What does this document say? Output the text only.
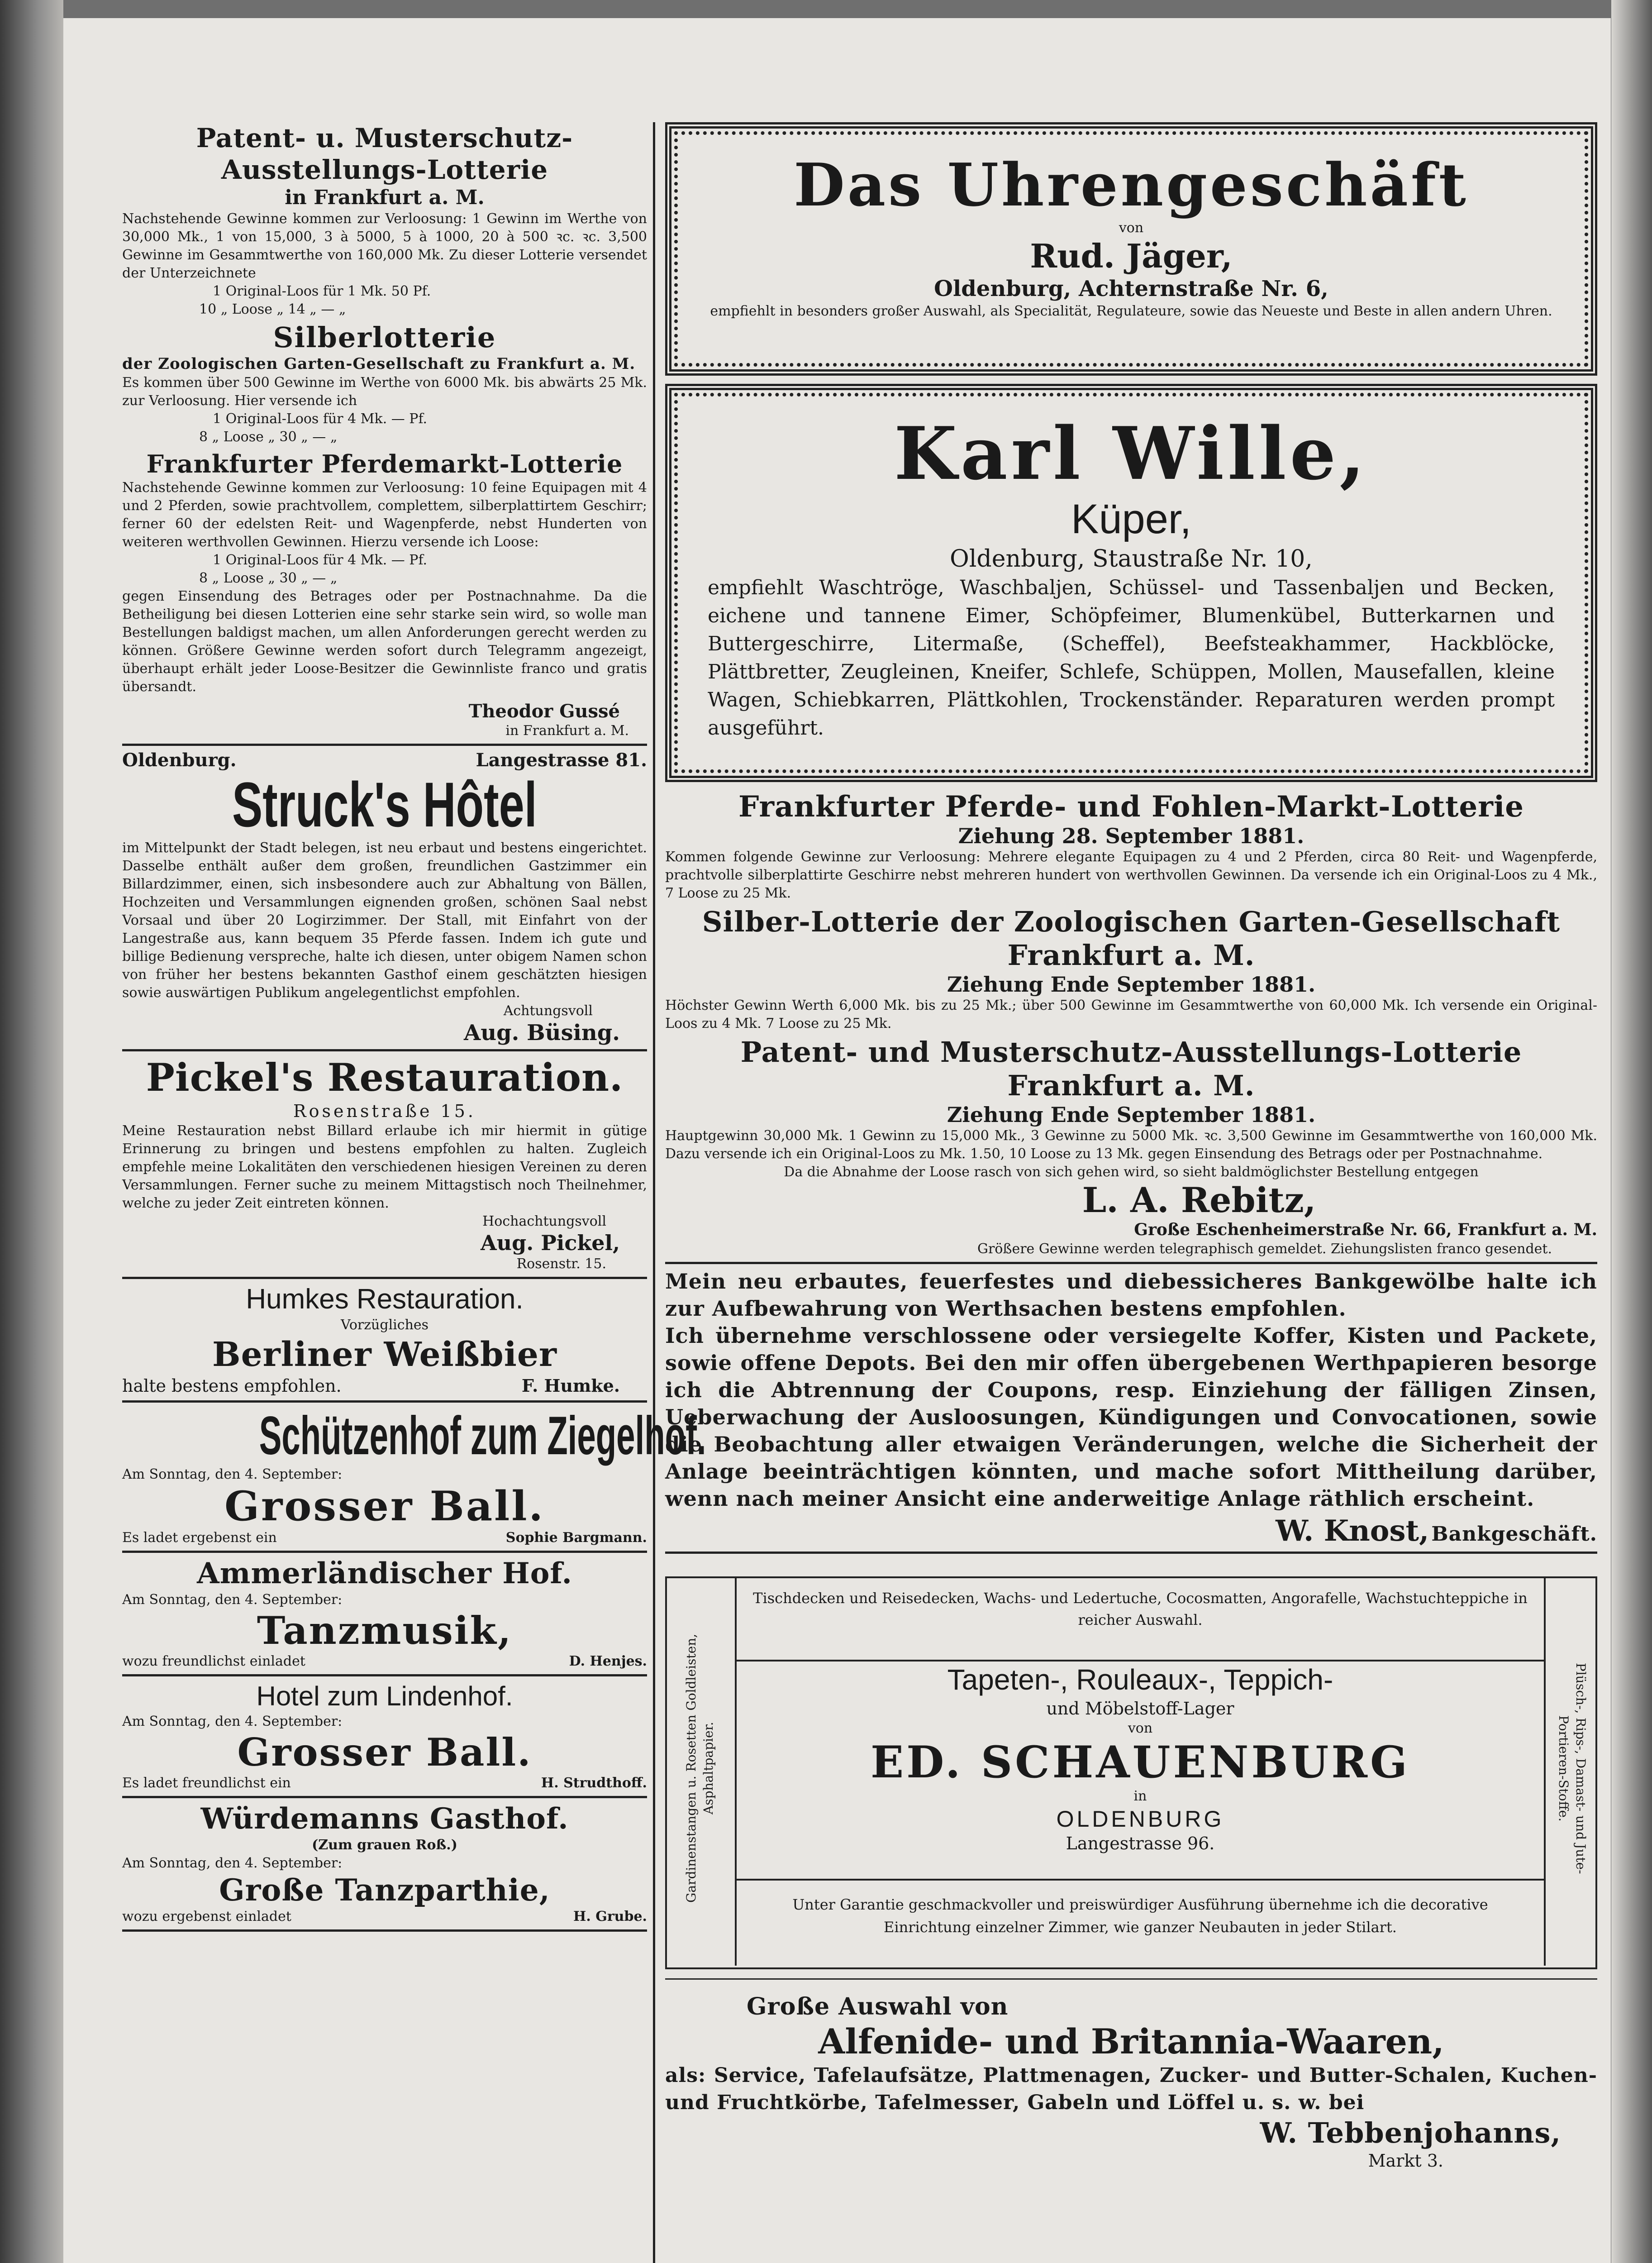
Patent- u. Musterschutz-Ausstellungs-Lotterie

in Frankfurt a. M.

Nachstehende Gewinne kommen zur Verloosung: 1 Gewinn im Werthe von 30,000 Mk., 1 von 15,000, 3 à 5000, 5 à 1000, 20 à 500 ꝛc. ꝛc. 3,500 Gewinne im Gesammtwerthe von 160,000 Mk. Zu dieser Lotterie versendet der Unterzeichnete

1 Original-Loos für 1 Mk. 50 Pf.

10 „ Loose „ 14 „ — „

Silberlotterie

der Zoologischen Garten-Gesellschaft zu Frankfurt a. M.

Es kommen über 500 Gewinne im Werthe von 6000 Mk. bis abwärts 25 Mk. zur Verloosung. Hier versende ich

1 Original-Loos für 4 Mk. — Pf.

8 „ Loose „ 30 „ — „

Frankfurter Pferdemarkt-Lotterie

Nachstehende Gewinne kommen zur Verloosung: 10 feine Equipagen mit 4 und 2 Pferden, sowie prachtvollem, complettem, silberplattirtem Geschirr; ferner 60 der edelsten Reit- und Wagenpferde, nebst Hunderten von weiteren werthvollen Gewinnen. Hierzu versende ich Loose:

1 Original-Loos für 4 Mk. — Pf.

8 „ Loose „ 30 „ — „

gegen Einsendung des Betrages oder per Postnachnahme. Da die Betheiligung bei diesen Lotterien eine sehr starke sein wird, so wolle man Bestellungen baldigst machen, um allen Anforderungen gerecht werden zu können. Größere Gewinne werden sofort durch Telegramm angezeigt, überhaupt erhält jeder Loose-Besitzer die Gewinnliste franco und gratis übersandt.

Theodor Gussé

in Frankfurt a. M.

Oldenburg.	Langestrasse 81.

Struck's Hôtel

im Mittelpunkt der Stadt belegen, ist neu erbaut und bestens eingerichtet. Dasselbe enthält außer dem großen, freundlichen Gastzimmer ein Billardzimmer, einen, sich insbesondere auch zur Abhaltung von Bällen, Hochzeiten und Versammlungen eignenden großen, schönen Saal nebst Vorsaal und über 20 Logirzimmer. Der Stall, mit Einfahrt von der Langestraße aus, kann bequem 35 Pferde fassen. Indem ich gute und billige Bedienung verspreche, halte ich diesen, unter obigem Namen schon von früher her bestens bekannten Gasthof einem geschätzten hiesigen sowie auswärtigen Publikum angelegentlichst empfohlen.

Achtungsvoll

Aug. Büsing.

Pickel's Restauration.

Rosenstraße 15.

Meine Restauration nebst Billard erlaube ich mir hiermit in gütige Erinnerung zu bringen und bestens empfohlen zu halten. Zugleich empfehle meine Lokalitäten den verschiedenen hiesigen Vereinen zu deren Versammlungen. Ferner suche zu meinem Mittagstisch noch Theilnehmer, welche zu jeder Zeit eintreten können.

Hochachtungsvoll

Aug. Pickel,

Rosenstr. 15.

Humkes Restauration.

Vorzügliches

Berliner Weißbier

halte bestens empfohlen.	F. Humke.

Schützenhof zum Ziegelhof.

Am Sonntag, den 4. September:

Grosser Ball.

Es ladet ergebenst ein	Sophie Bargmann.

Ammerländischer Hof.

Am Sonntag, den 4. September:

Tanzmusik,

wozu freundlichst einladet	D. Henjes.

Hotel zum Lindenhof.

Am Sonntag, den 4. September:

Grosser Ball.

Es ladet freundlichst ein	H. Strudthoff.

Würdemanns Gasthof.

(Zum grauen Roß.)

Am Sonntag, den 4. September:

Große Tanzparthie,

wozu ergebenst einladet	H. Grube.

Das Uhrengeschäft

von

Rud. Jäger,

Oldenburg, Achternstraße Nr. 6,

empfiehlt in besonders großer Auswahl, als Specialität, Regulateure, sowie das Neueste und Beste in allen andern Uhren.

Karl Wille,

Küper,

Oldenburg, Staustraße Nr. 10,

empfiehlt Waschtröge, Waschbaljen, Schüssel- und Tassenbaljen und Becken, eichene und tannene Eimer, Schöpfeimer, Blumenkübel, Butterkarnen und Buttergeschirre, Litermaße, (Scheffel), Beefsteakhammer, Hackblöcke, Plättbretter, Zeugleinen, Kneifer, Schlefe, Schüppen, Mollen, Mausefallen, kleine Wagen, Schiebkarren, Plättkohlen, Trockenständer. Reparaturen werden prompt ausgeführt.

Frankfurter Pferde- und Fohlen-Markt-Lotterie

Ziehung 28. September 1881.

Kommen folgende Gewinne zur Verloosung: Mehrere elegante Equipagen zu 4 und 2 Pferden, circa 80 Reit- und Wagenpferde, prachtvolle silberplattirte Geschirre nebst mehreren hundert von werthvollen Gewinnen. Da versende ich ein Original-Loos zu 4 Mk., 7 Loose zu 25 Mk.

Silber-Lotterie der Zoologischen Garten-Gesellschaft Frankfurt a. M.

Ziehung Ende September 1881.

Höchster Gewinn Werth 6,000 Mk. bis zu 25 Mk.; über 500 Gewinne im Gesammtwerthe von 60,000 Mk. Ich versende ein Original-Loos zu 4 Mk. 7 Loose zu 25 Mk.

Patent- und Musterschutz-Ausstellungs-Lotterie Frankfurt a. M.

Ziehung Ende September 1881.

Hauptgewinn 30,000 Mk. 1 Gewinn zu 15,000 Mk., 3 Gewinne zu 5000 Mk. ꝛc. 3,500 Gewinne im Gesammtwerthe von 160,000 Mk. Dazu versende ich ein Original-Loos zu Mk. 1.50, 10 Loose zu 13 Mk. gegen Einsendung des Betrags oder per Postnachnahme.

Da die Abnahme der Loose rasch von sich gehen wird, so sieht baldmöglichster Bestellung entgegen

L. A. Rebitz,

Große Eschenheimerstraße Nr. 66, Frankfurt a. M.

Größere Gewinne werden telegraphisch gemeldet. Ziehungslisten franco gesendet.

Mein neu erbautes, feuerfestes und diebessicheres Bankgewölbe halte ich zur Aufbewahrung von Werthsachen bestens empfohlen.

Ich übernehme verschlossene oder versiegelte Koffer, Kisten und Packete, sowie offene Depots. Bei den mir offen übergebenen Werthpapieren besorge ich die Abtrennung der Coupons, resp. Einziehung der fälligen Zinsen, Ueberwachung der Ausloosungen, Kündigungen und Convocationen, sowie die Beobachtung aller etwaigen Veränderungen, welche die Sicherheit der Anlage beeinträchtigen könnten, und mache sofort Mittheilung darüber, wenn nach meiner Ansicht eine anderweitige Anlage räthlich erscheint.

W. Knost, Bankgeschäft.

Gardinenstangen u. Rosetten Goldleisten, Asphaltpapier.	Plüsch-, Rips-, Damast- und Jute-Portieren-Stoffe.

Tischdecken und Reisedecken, Wachs- und Ledertuche, Cocosmatten, Angorafelle, Wachstuchteppiche in reicher Auswahl.

Tapeten-, Rouleaux-, Teppich-

und Möbelstoff-Lager

von

ED. SCHAUENBURG

in

OLDENBURG

Langestrasse 96.

Unter Garantie geschmackvoller und preiswürdiger Ausführung übernehme ich die decorative Einrichtung einzelner Zimmer, wie ganzer Neubauten in jeder Stilart.

Große Auswahl von

Alfenide- und Britannia-Waaren,

als: Service, Tafelaufsätze, Plattmenagen, Zucker- und Butter-Schalen, Kuchen- und Fruchtkörbe, Tafelmesser, Gabeln und Löffel u. s. w. bei

W. Tebbenjohanns,

Markt 3.
